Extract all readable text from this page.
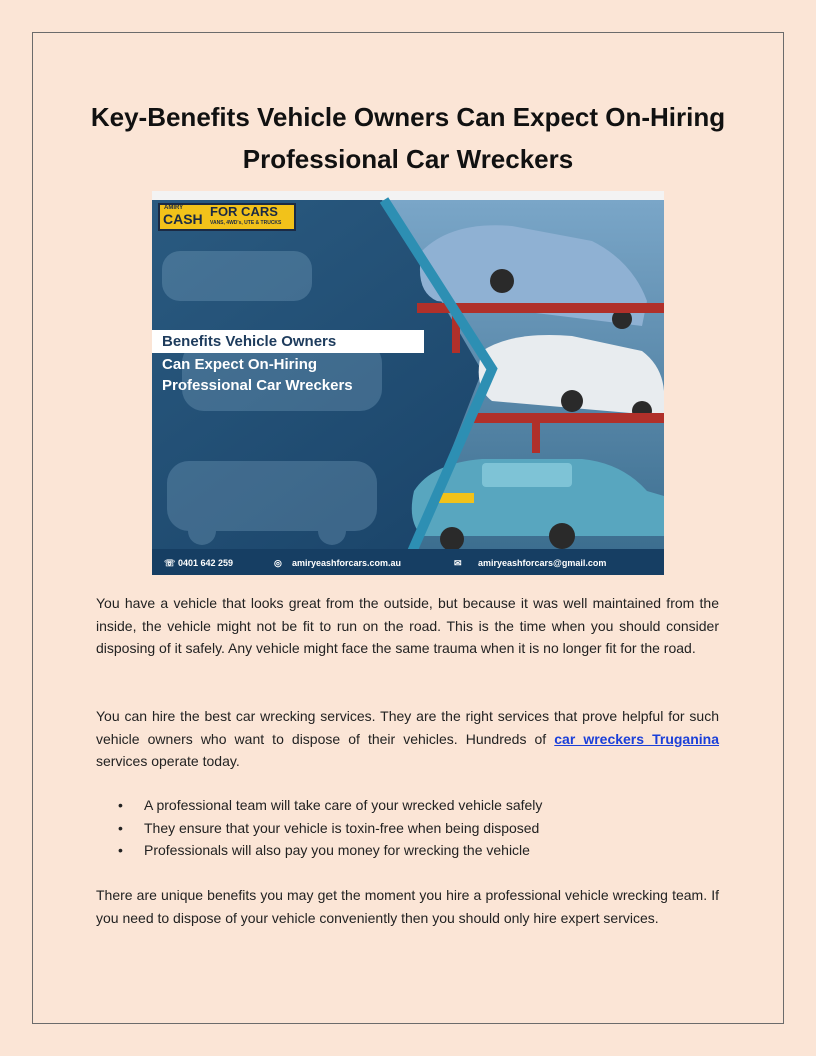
Key-Benefits Vehicle Owners Can Expect On-Hiring
Professional Car Wreckers
AMIRY
CASH FOR CARS
VANS, 4WD's, UTE & TRUCKS
Benefits Vehicle Owners
Can Expect On-Hiring
Professional Car Wreckers
☏ 0401 642 259	◎ amiryeashforcars.com.au	✉ amiryeashforcars@gmail.com

You have a vehicle that looks great from the outside, but because it was well maintained from the inside, the vehicle might not be fit to run on the road. This is the time when you should consider disposing of it safely. Any vehicle might face the same trauma when it is no longer fit for the road.

You can hire the best car wrecking services. They are the right services that prove helpful for such vehicle owners who want to dispose of their vehicles. Hundreds of car wreckers Truganina services operate today.

• A professional team will take care of your wrecked vehicle safely
• They ensure that your vehicle is toxin-free when being disposed
• Professionals will also pay you money for wrecking the vehicle

There are unique benefits you may get the moment you hire a professional vehicle wrecking team. If you need to dispose of your vehicle conveniently then you should only hire expert services.
